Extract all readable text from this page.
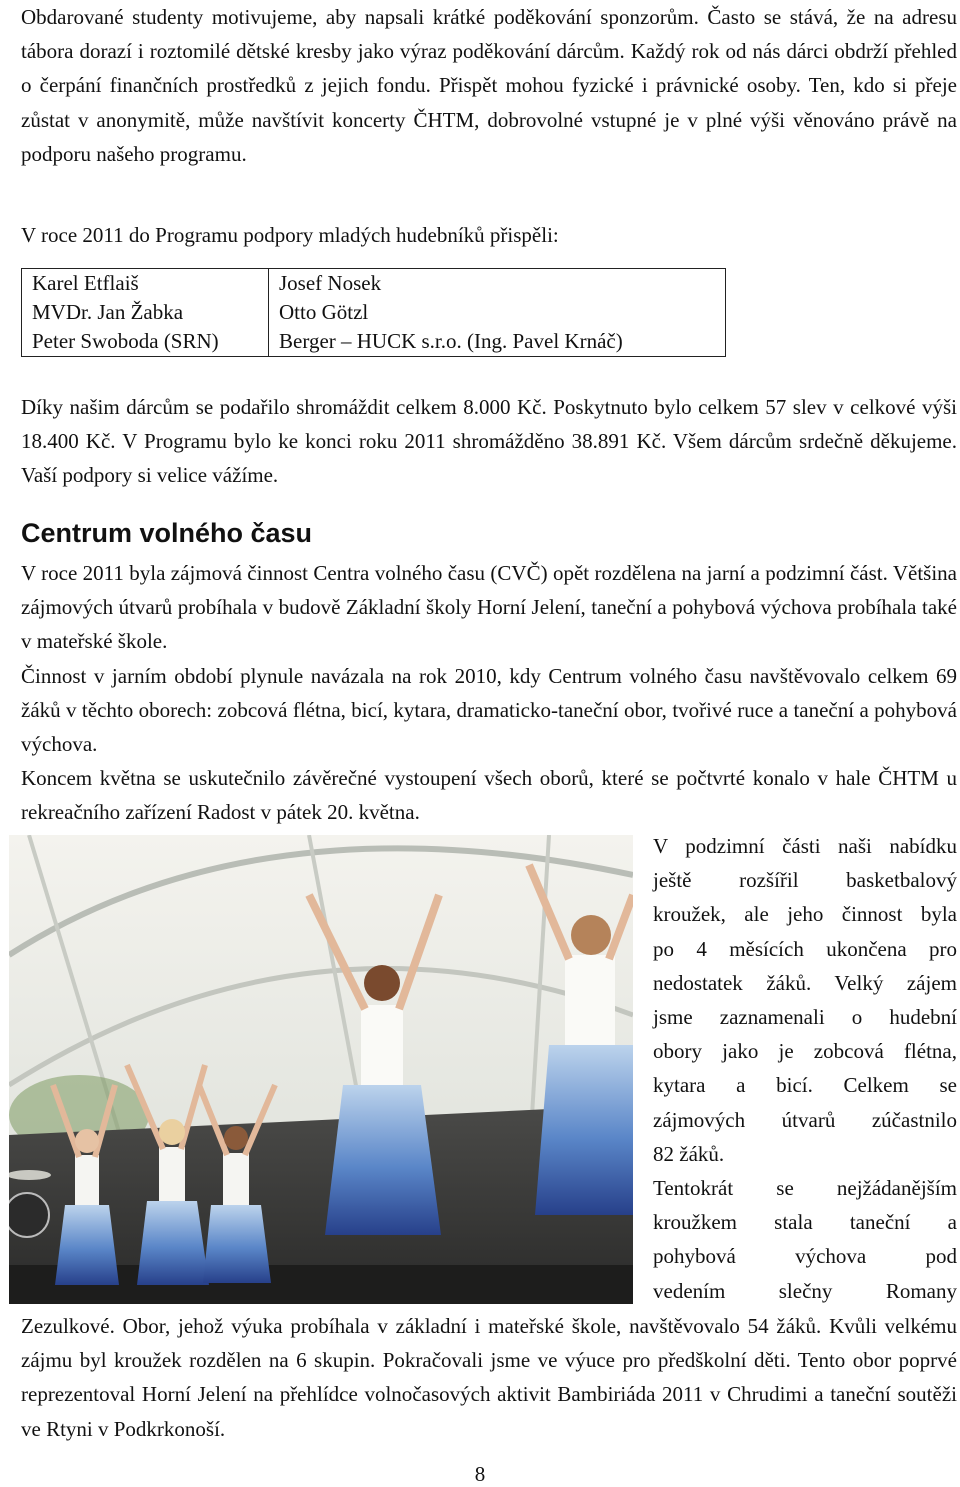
Obdarované studenty motivujeme, aby napsali krátké poděkování sponzorům. Často se stává, že na adresu tábora dorazí i roztomilé dětské kresby jako výraz poděkování dárcům. Každý rok od nás dárci obdrží přehled o čerpání finančních prostředků z jejich fondu. Přispět mohou fyzické i právnické osoby. Ten, kdo si přeje zůstat v anonymitě, může navštívit koncerty ČHTM, dobrovolné vstupné je v plné výši věnováno právě na podporu našeho programu.

V roce 2011 do Programu podpory mladých hudebníků přispěli:

Karel Etflaiš	Josef Nosek
MVDr. Jan Žabka	Otto Götzl
Peter Swoboda (SRN)	Berger – HUCK s.r.o. (Ing. Pavel Krnáč)

Díky našim dárcům se podařilo shromáždit celkem 8.000 Kč. Poskytnuto bylo celkem 57 slev v celkové výši 18.400 Kč. V Programu bylo ke konci roku 2011 shromážděno 38.891 Kč. Všem dárcům srdečně děkujeme. Vaší podpory si velice vážíme.

Centrum volného času

V roce 2011 byla zájmová činnost Centra volného času (CVČ) opět rozdělena na jarní a podzimní část. Většina zájmových útvarů probíhala v budově Základní školy Horní Jelení, taneční a pohybová výchova probíhala také v mateřské škole.

Činnost v jarním období plynule navázala na rok 2010, kdy Centrum volného času navštěvovalo celkem 69 žáků v těchto oborech: zobcová flétna, bicí, kytara, dramaticko-taneční obor, tvořivé ruce a taneční a pohybová výchova.

Koncem května se uskutečnilo závěrečné vystoupení všech oborů, které se počtvrté konalo v hale ČHTM u rekreačního zařízení Radost v pátek 20. května.

V podzimní části naši nabídku
ještě rozšířil basketbalový
kroužek, ale jeho činnost byla
po 4 měsících ukončena pro
nedostatek žáků. Velký zájem
jsme zaznamenali o hudební
obory jako je zobcová flétna,
kytara a bicí. Celkem se
zájmových útvarů zúčastnilo
82 žáků.
Tentokrát se nejžádanějším
kroužkem stala taneční a
pohybová výchova pod
vedením slečny Romany

Zezulkové. Obor, jehož výuka probíhala v základní i mateřské škole, navštěvovalo 54 žáků. Kvůli velkému zájmu byl kroužek rozdělen na 6 skupin. Pokračovali jsme ve výuce pro předškolní děti. Tento obor poprvé reprezentoval Horní Jelení na přehlídce volnočasových aktivit Bambiriáda 2011 v Chrudimi a taneční soutěži ve Rtyni v Podkrkonoší.

8
